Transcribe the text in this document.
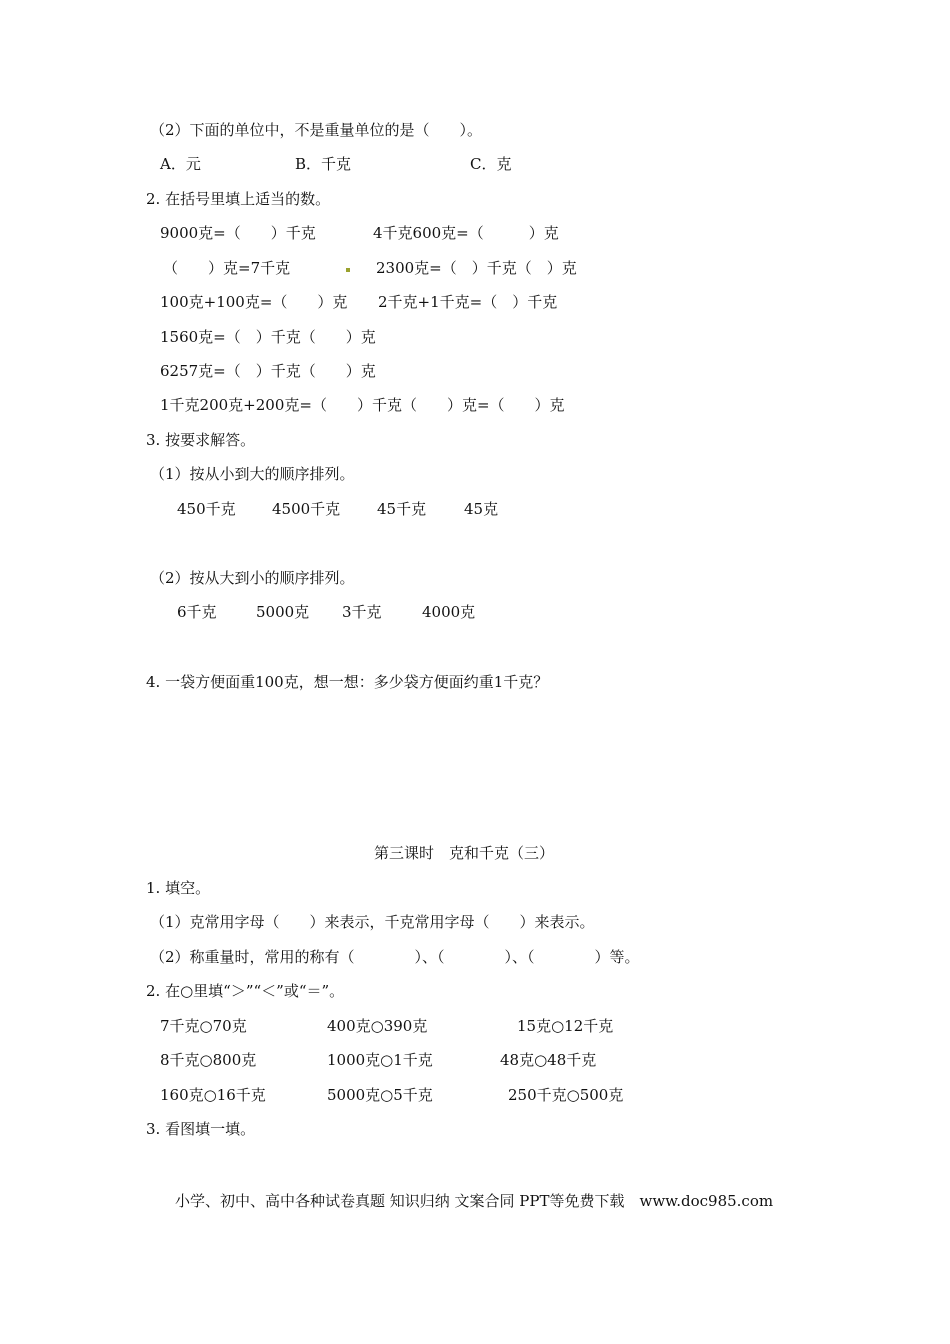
（2）下面的单位中，不是重量单位的是（　　）。
A．元	B．千克	C．克
2. 在括号里填上适当的数。
9000克=（　　）千克	4千克600克=（　　　）克
（　　）克=7千克	2300克=（　）千克（　）克
100克+100克=（　　）克 2千克+1千克=（　）千克
1560克=（　）千克（　　）克
6257克=（　）千克（　　）克
1千克200克+200克=（　　）千克（　　）克=（　　）克
3. 按要求解答。
（1）按从小到大的顺序排列。
450千克 4500千克 45千克	45克
（2）按从大到小的顺序排列。
6千克	5000克 3千克	4000克
4. 一袋方便面重100克，想一想：多少袋方便面约重1千克？
第三课时　克和千克（三）
1. 填空。
（1）克常用字母（　　）来表示，千克常用字母（　　）来表示。
（2）称重量时，常用的称有（　　　　）、（　　　　）、（　　　　）等。
2. 在○里填“＞”“＜”或“＝”。
7千克○70克	400克○390克	15克○12千克
8千克○800克	1000克○1千克	48克○48千克
160克○16千克	5000克○5千克	250千克○500克
3. 看图填一填。
小学、初中、高中各种试卷真题 知识归纳 文案合同 PPT等免费下载　www.doc985.com
